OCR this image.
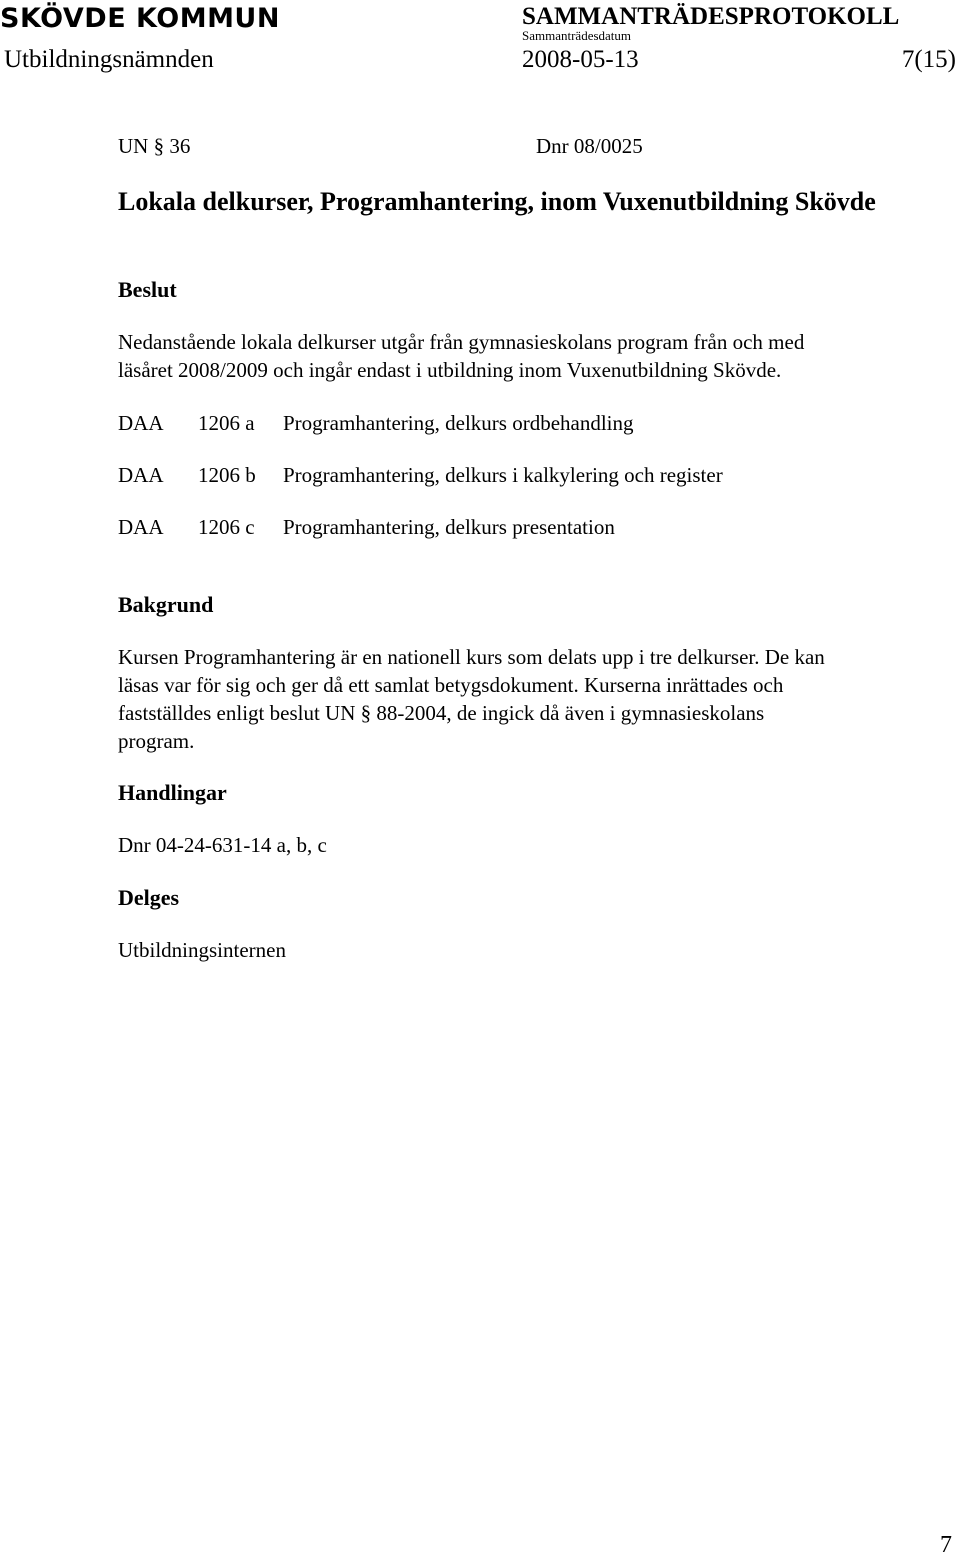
SKÖVDE KOMMUN	SAMMANTRÄDESPROTOKOLL
Sammanträdesdatum
Utbildningsnämnden	2008-05-13	7(15)
UN § 36	Dnr 08/0025
Lokala delkurser, Programhantering, inom Vuxenutbildning Skövde
Beslut
Nedanstående lokala delkurser utgår från gymnasieskolans program från och med
läsåret 2008/2009 och ingår endast i utbildning inom Vuxenutbildning Skövde.
DAA 1206 a Programhantering, delkurs ordbehandling
DAA 1206 b Programhantering, delkurs i kalkylering och register
DAA 1206 c Programhantering, delkurs presentation
Bakgrund
Kursen Programhantering är en nationell kurs som delats upp i tre delkurser. De kan
läsas var för sig och ger då ett samlat betygsdokument. Kurserna inrättades och
fastställdes enligt beslut UN § 88-2004, de ingick då även i gymnasieskolans
program.
Handlingar
Dnr 04-24-631-14 a, b, c
Delges
Utbildningsinternen
7
